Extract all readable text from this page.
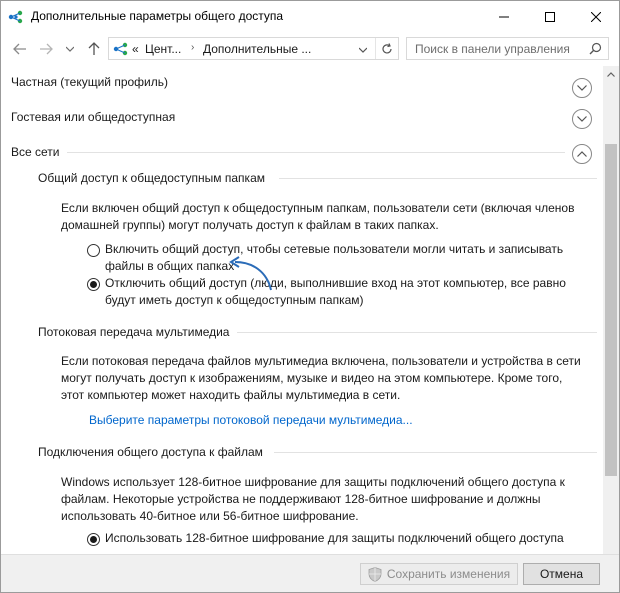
Дополнительные параметры общего доступа
« Цент... › Дополнительные ...	Поиск в панели управления
Частная (текущий профиль)
Гостевая или общедоступная
Все сети
Общий доступ к общедоступным папкам
Если включен общий доступ к общедоступным папкам, пользователи сети (включая членов
домашней группы) могут получать доступ к файлам в таких папках.
Включить общий доступ, чтобы сетевые пользователи могли читать и записывать
файлы в общих папках
Отключить общий доступ (люди, выполнившие вход на этот компьютер, все равно
будут иметь доступ к общедоступным папкам)
Потоковая передача мультимедиа
Если потоковая передача файлов мультимедиа включена, пользователи и устройства в сети
могут получать доступ к изображениям, музыке и видео на этом компьютере. Кроме того,
этот компьютер может находить файлы мультимедиа в сети.
Выберите параметры потоковой передачи мультимедиа...
Подключения общего доступа к файлам
Windows использует 128-битное шифрование для защиты подключений общего доступа к
файлам. Некоторые устройства не поддерживают 128-битное шифрование и должны
использовать 40-битное или 56-битное шифрование.
Использовать 128-битное шифрование для защиты подключений общего доступа
Сохранить изменения Отмена
